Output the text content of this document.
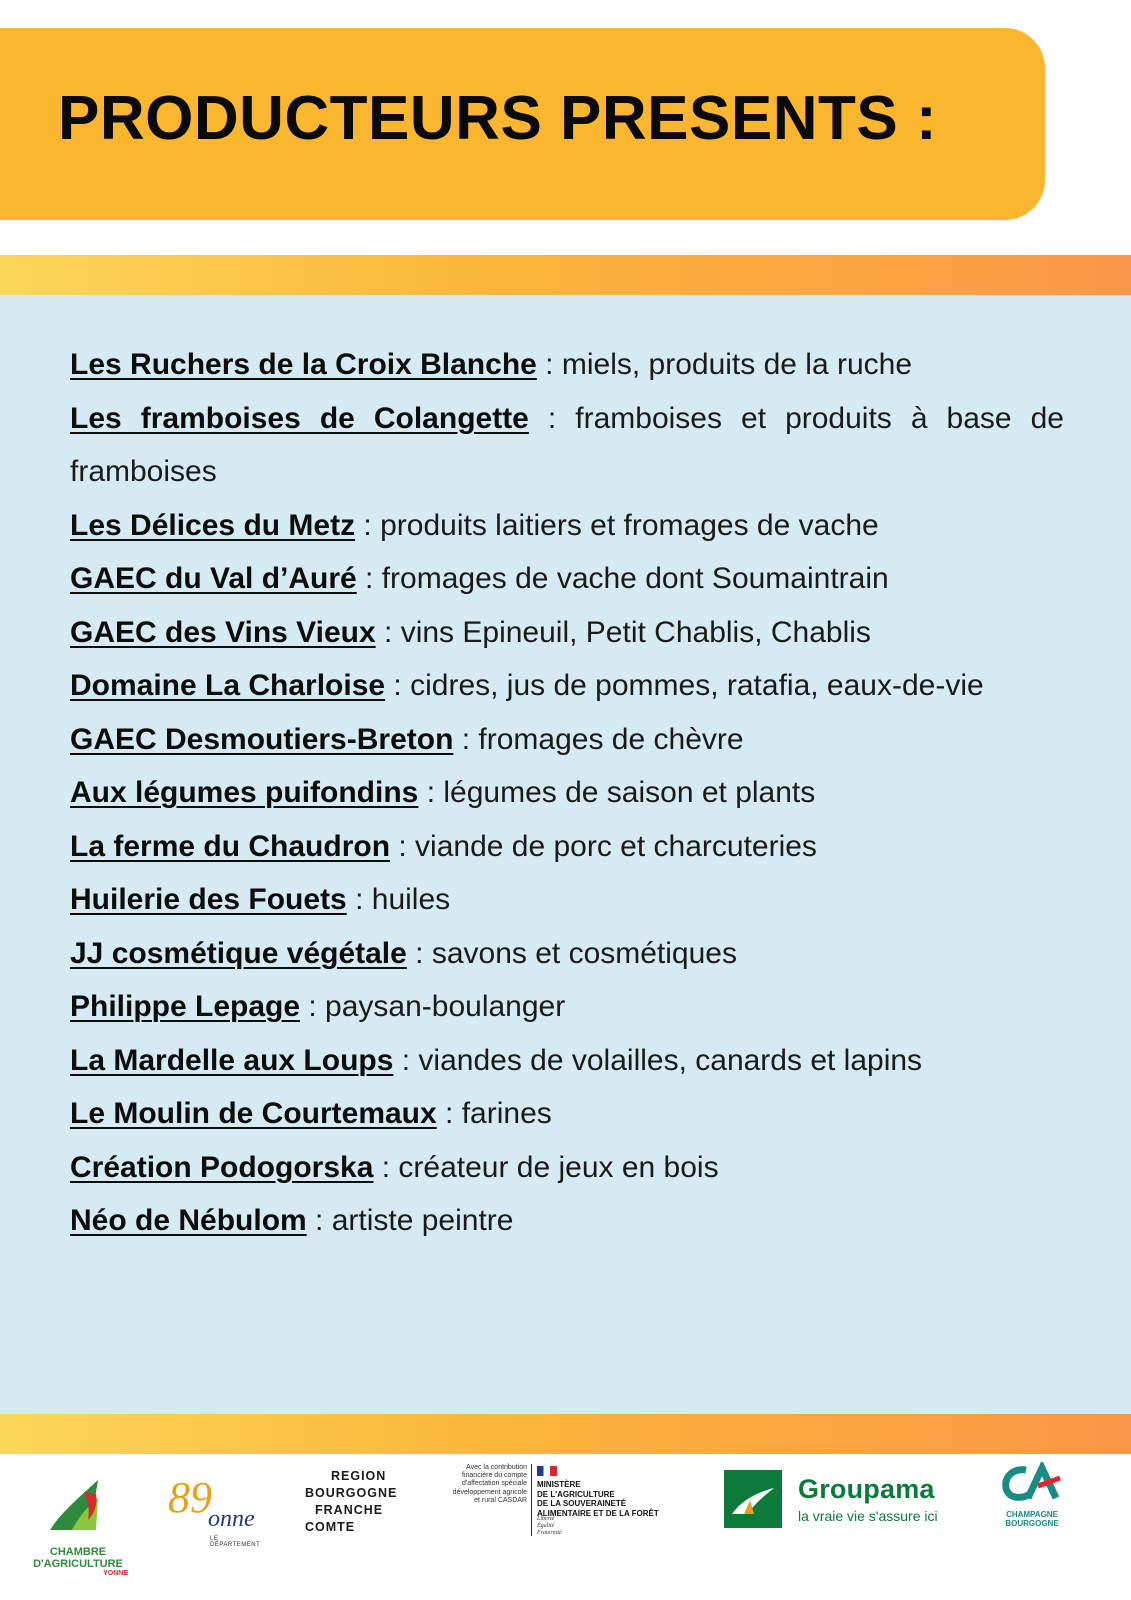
PRODUCTEURS PRESENTS :
Les Ruchers de la Croix Blanche : miels, produits de la ruche
Les framboises de Colangette : framboises et produits à base de framboises
Les Délices du Metz : produits laitiers et fromages de vache
GAEC du Val d’Auré : fromages de vache dont Soumaintrain
GAEC des Vins Vieux : vins Epineuil, Petit Chablis, Chablis
Domaine La Charloise : cidres, jus de pommes, ratafia, eaux-de-vie
GAEC Desmoutiers-Breton : fromages de chèvre
Aux légumes puifondins : légumes de saison et plants
La ferme du Chaudron : viande de porc et charcuteries
Huilerie des Fouets : huiles
JJ cosmétique végétale : savons et cosmétiques
Philippe Lepage : paysan-boulanger
La Mardelle aux Loups : viandes de volailles, canards et lapins
Le Moulin de Courtemaux : farines
Création Podogorska : créateur de jeux en bois
Néo de Nébulom : artiste peintre
CHAMBRE
D'AGRICULTURE
YONNE
89
onne
LE DÉPARTEMENT
REGION
BOURGOGNE
FRANCHE
COMTE
Avec la contribution financière du compte d'affectation spéciale développement agricole et rural CASDAR
MINISTÈRE
DE L'AGRICULTURE
DE LA SOUVERAINETÉ
ALIMENTAIRE ET DE LA FORÊT
Liberté
Égalité
Fraternité
Groupama
la vraie vie s'assure ici	CHAMPAGNE
BOURGOGNE
